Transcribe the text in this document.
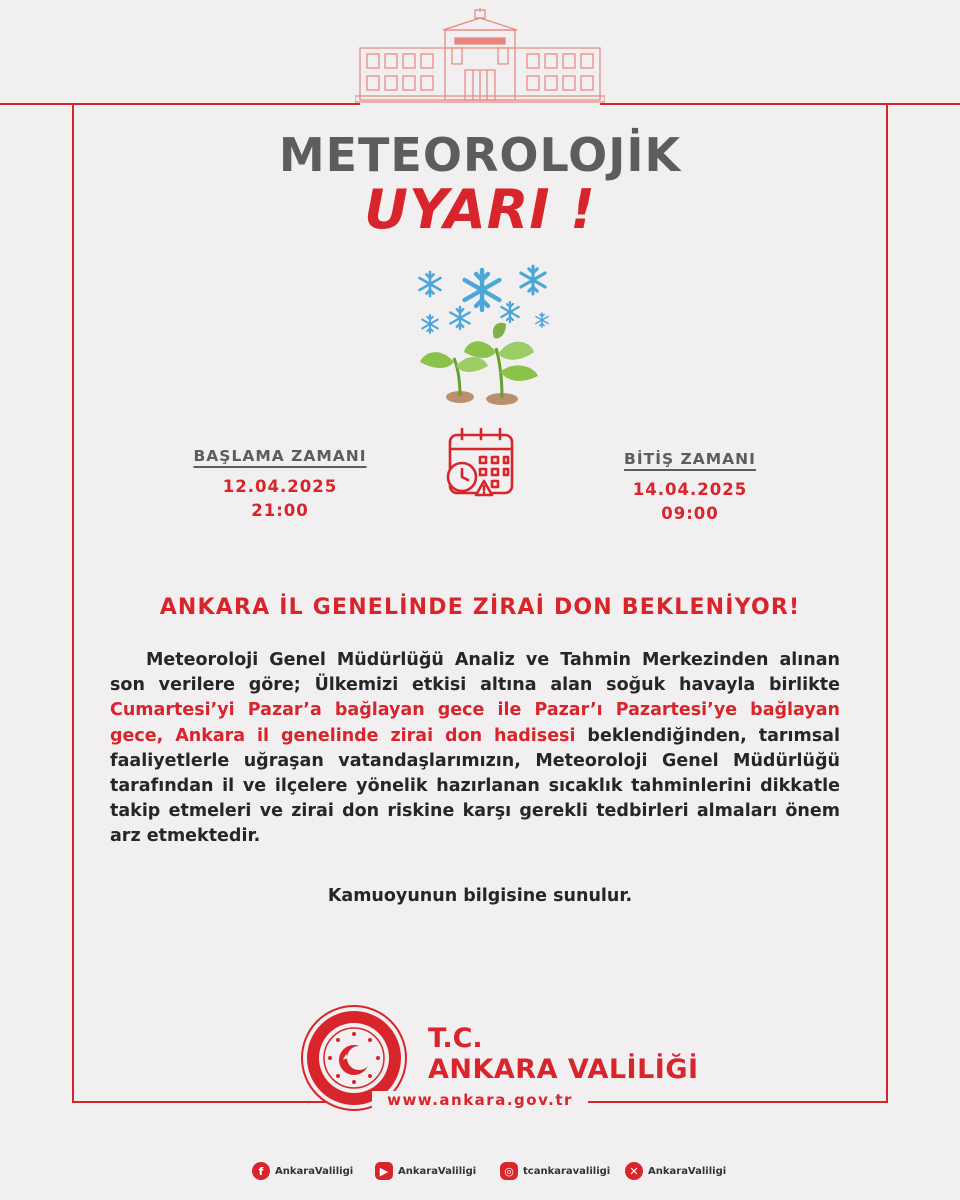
METEOROLOJİK
UYARI !
BAŞLAMA ZAMANI
12.04.2025
21:00
BİTİŞ ZAMANI
14.04.2025
09:00
ANKARA İL GENELİNDE ZİRAİ DON BEKLENİYOR!
Meteoroloji Genel Müdürlüğü Analiz ve Tahmin Merkezinden alınan son verilere göre; Ülkemizi etkisi altına alan soğuk havayla birlikte Cumartesi’yi Pazar’a bağlayan gece ile Pazar’ı Pazartesi’ye bağlayan gece, Ankara il genelinde zirai don hadisesi beklendiğinden, tarımsal faaliyetlerle uğraşan vatandaşlarımızın, Meteoroloji Genel Müdürlüğü tarafından il ve ilçelere yönelik hazırlanan sıcaklık tahminlerini dikkatle takip etmeleri ve zirai don riskine karşı gerekli tedbirleri almaları önem arz etmektedir.
Kamuoyunun bilgisine sunulur.
T.C.
ANKARA VALİLİĞİ
www.ankara.gov.tr
f	AnkaraValiligi	▶ AnkaraValiligi	◎ tcankaravaliligi	✕ AnkaraValiligi
